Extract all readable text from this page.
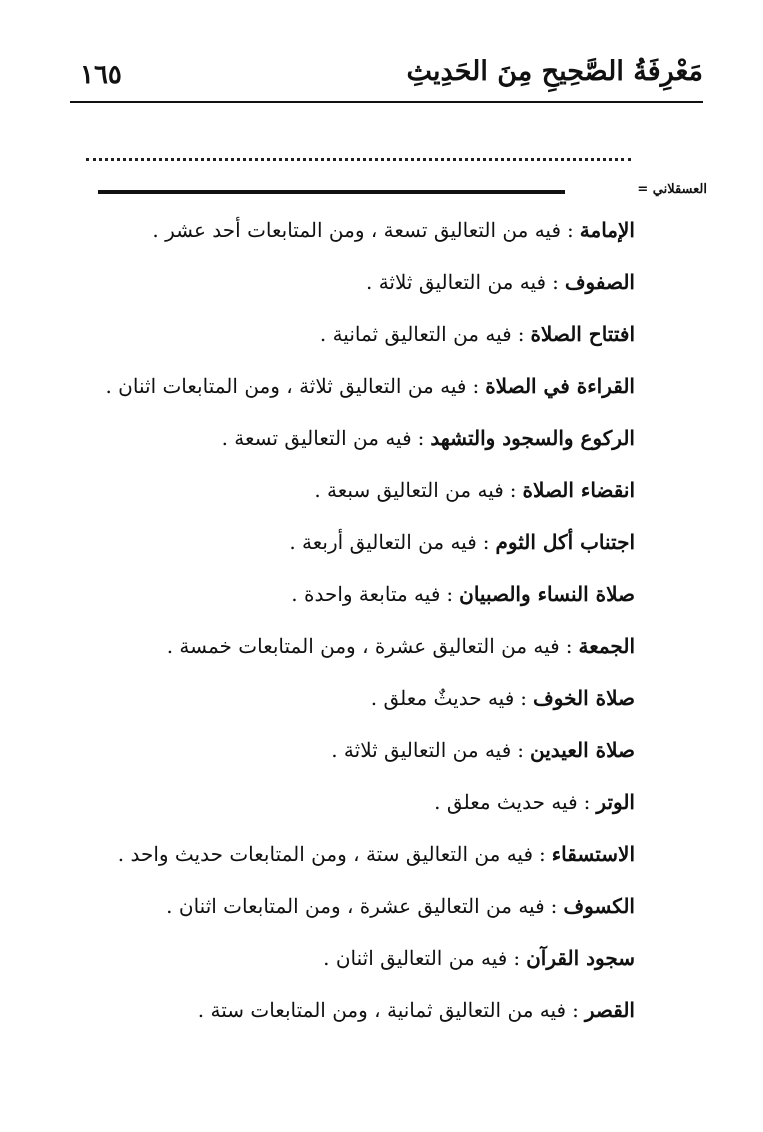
مَعْرِفَةُ الصَّحِيحِ مِنَ الحَدِيثِ
١٦٥
العسقلاني =
الإمامة:فيه من التعاليق تسعة ، ومن المتابعات أحد عشر .
الصفوف:فيه من التعاليق ثلاثة .
افتتاح الصلاة:فيه من التعاليق ثمانية .
القراءة في الصلاة:فيه من التعاليق ثلاثة ، ومن المتابعات اثنان .
الركوع والسجود والتشهد:فيه من التعاليق تسعة .
انقضاء الصلاة:فيه من التعاليق سبعة .
اجتناب أكل الثوم:فيه من التعاليق أربعة .
صلاة النساء والصبيان:فيه متابعة واحدة .
الجمعة:فيه من التعاليق عشرة ، ومن المتابعات خمسة .
صلاة الخوف:فيه حديثٌ معلق .
صلاة العيدين:فيه من التعاليق ثلاثة .
الوتر:فيه حديث معلق .
الاستسقاء:فيه من التعاليق ستة ، ومن المتابعات حديث واحد .
الكسوف:فيه من التعاليق عشرة ، ومن المتابعات اثنان .
سجود القرآن:فيه من التعاليق اثنان .
القصر:فيه من التعاليق ثمانية ، ومن المتابعات ستة .
